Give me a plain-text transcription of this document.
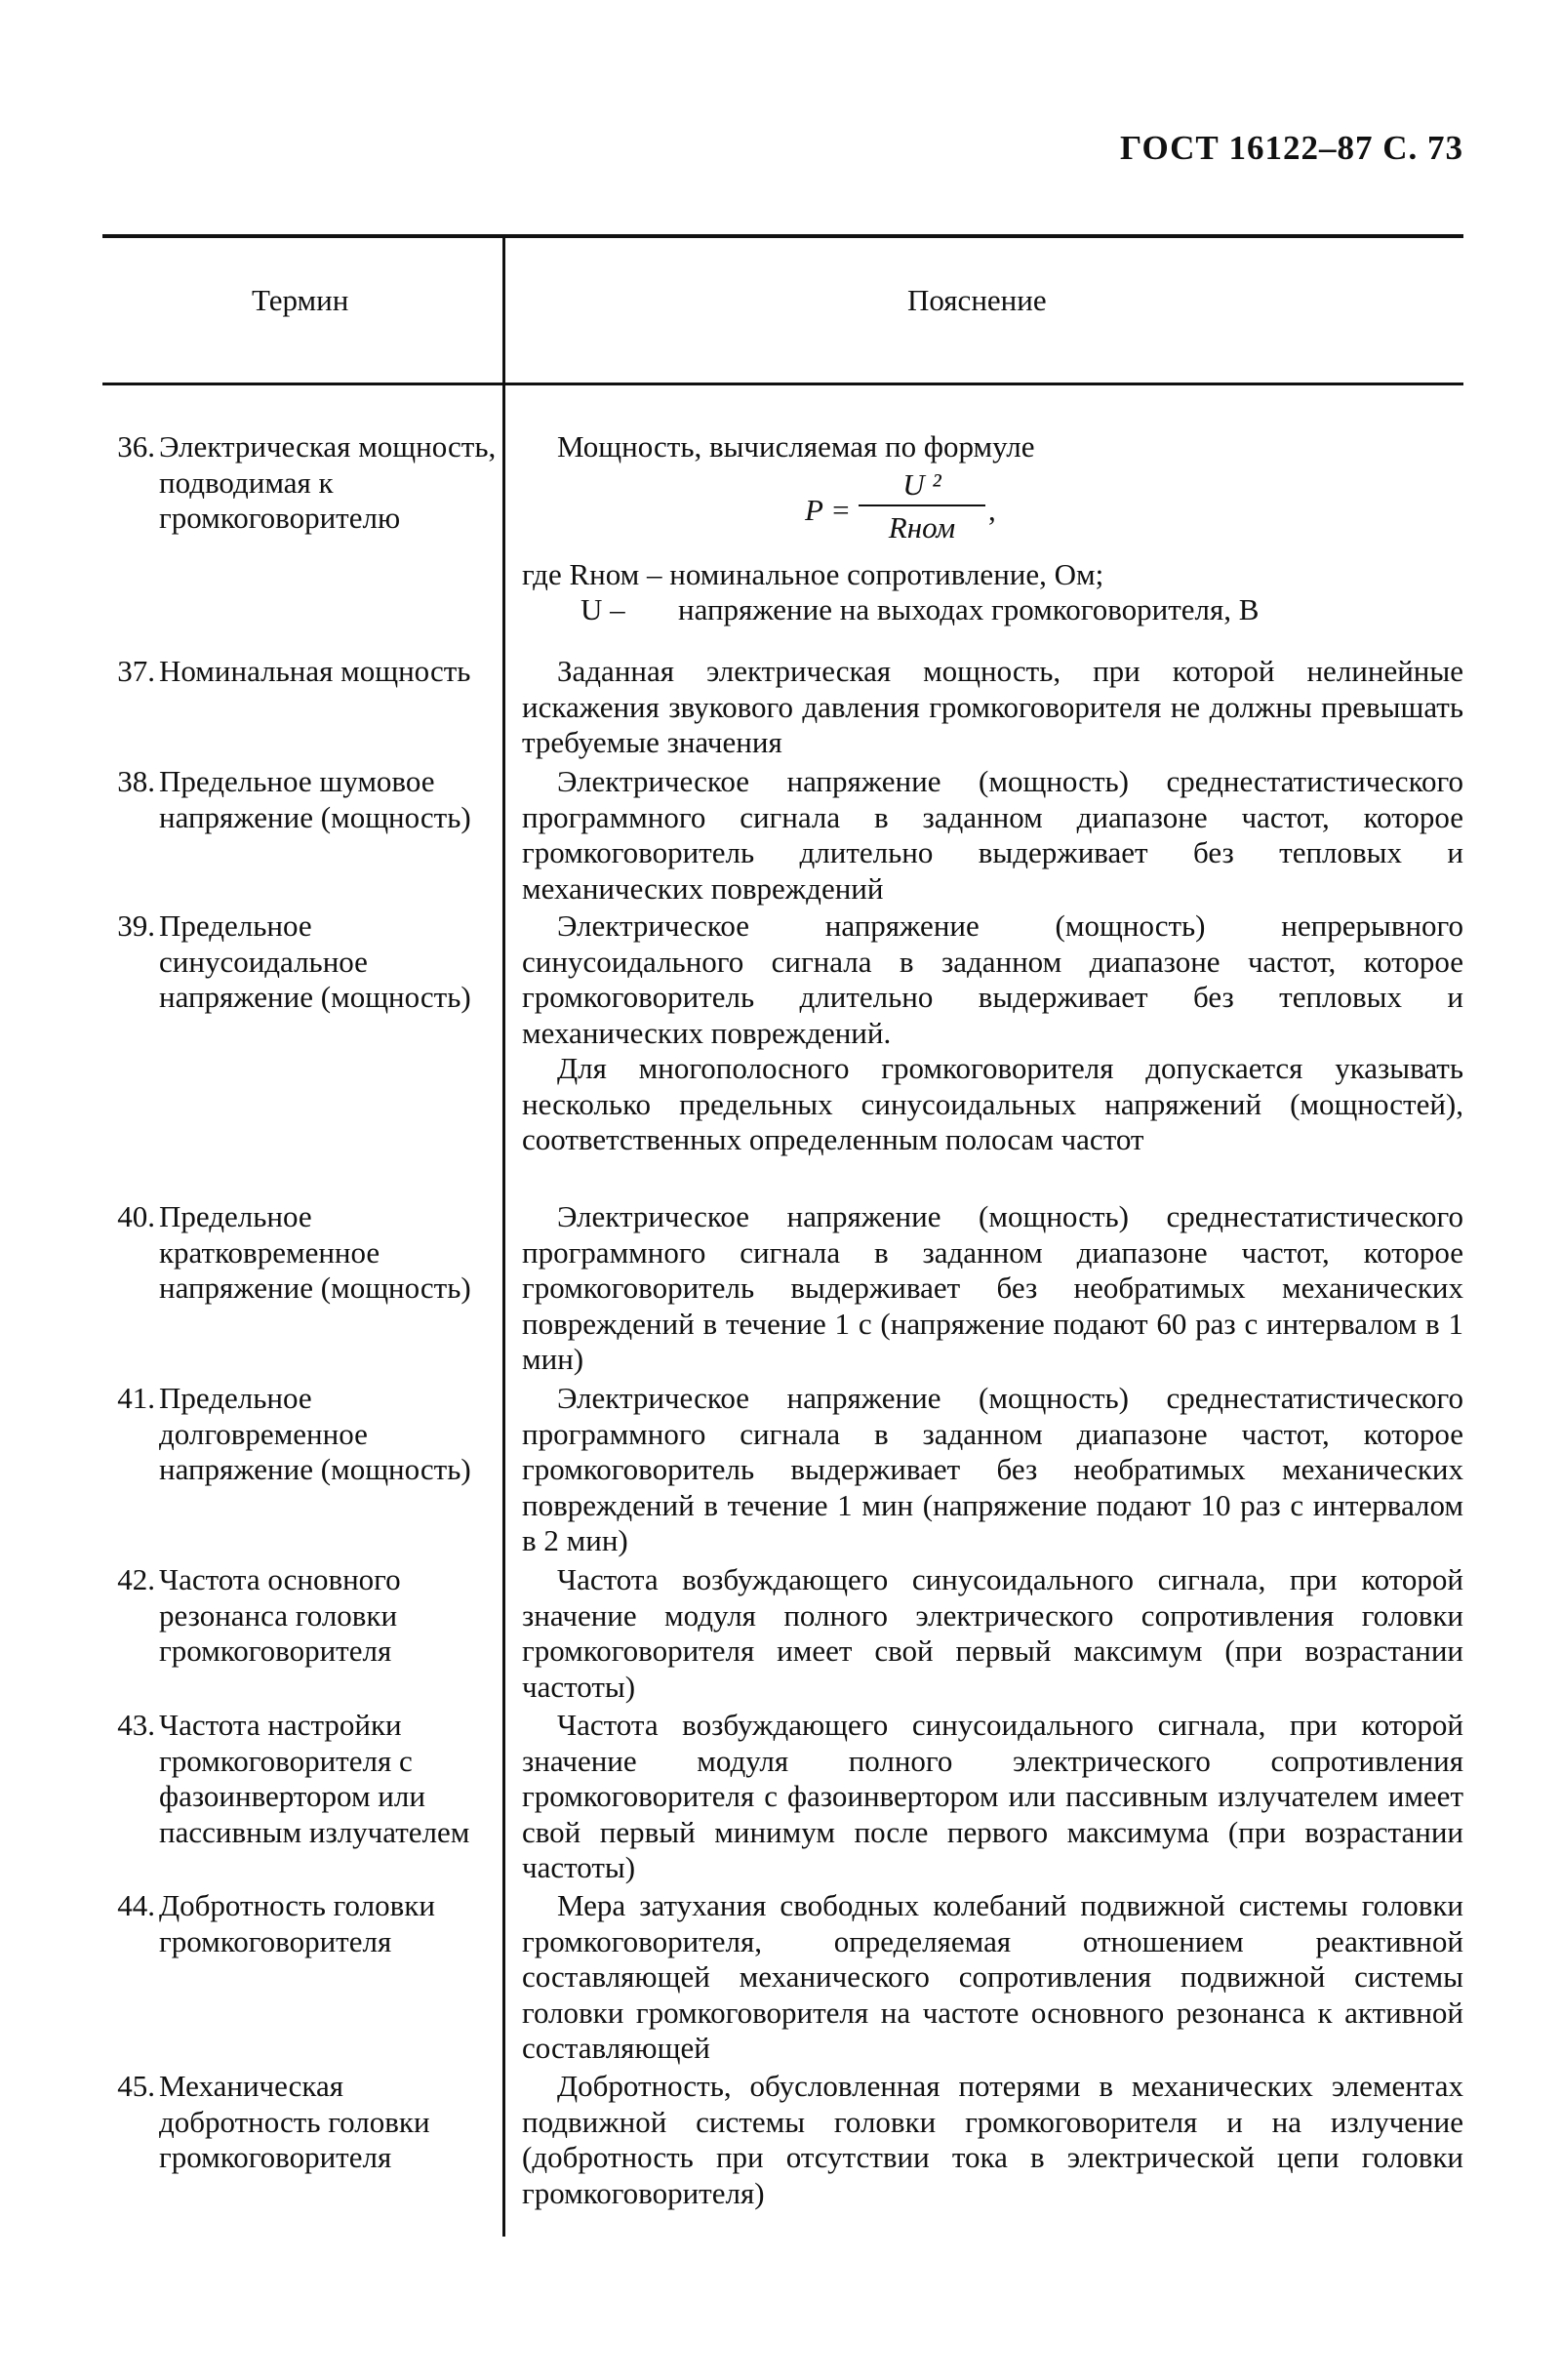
ГОСТ 16122–87 С. 73
Термин	Пояснение
36. Электрическая мощность, подводимая к громкоговорителю
Мощность, вычисляемая по формуле
P =
U ²
Rном
,
где Rном – номинальное сопротивление, Ом;
U – напряжение на выходах громкоговорителя, В
37. Номинальная мощность	Заданная электрическая мощность, при которой нелинейные искажения звукового давления громкоговорителя не должны превышать требуемые значения
38. Предельное шумовое напряжение (мощность)
Электрическое напряжение (мощность) среднестатистического программного сигнала в заданном диапазоне частот, которое громкоговоритель длительно выдерживает без тепловых и механических повреждений
39. Предельное синусоидальное напряжение (мощность)
Электрическое напряжение (мощность) непрерывного синусоидального сигнала в заданном диапазоне частот, которое громкоговоритель длительно выдерживает без тепловых и механических повреждений.
Для многополосного громкоговорителя допускается указывать несколько предельных синусоидальных напряжений (мощностей), соответственных определенным полосам частот
40. Предельное кратковременное напряжение (мощность)
Электрическое напряжение (мощность) среднестатистического программного сигнала в заданном диапазоне частот, которое громкоговоритель выдерживает без необратимых механических повреждений в течение 1 с (напряжение подают 60 раз с интервалом в 1 мин)
41. Предельное долговременное напряжение (мощность)
Электрическое напряжение (мощность) среднестатистического программного сигнала в заданном диапазоне частот, которое громкоговоритель выдерживает без необратимых механических повреждений в течение 1 мин (напряжение подают 10 раз с интервалом в 2 мин)
42. Частота основного резонанса головки громкоговорителя
Частота возбуждающего синусоидального сигнала, при которой значение модуля полного электрического сопротивления головки громкоговорителя имеет свой первый максимум (при возрастании частоты)
43. Частота настройки громкоговорителя с фазоинвертором или пассивным излучателем
Частота возбуждающего синусоидального сигнала, при которой значение модуля полного электрического сопротивления громкоговорителя с фазоинвертором или пассивным излучателем имеет свой первый минимум после первого максимума (при возрастании частоты)
44. Добротность головки громкоговорителя
Мера затухания свободных колебаний подвижной системы головки громкоговорителя, определяемая отношением реактивной составляющей механического сопротивления подвижной системы головки громкоговорителя на частоте основного резонанса к активной составляющей
45. Механическая добротность головки громкоговорителя
Добротность, обусловленная потерями в механических элементах подвижной системы головки громкоговорителя и на излучение (добротность при отсутствии тока в электрической цепи головки громкоговорителя)
